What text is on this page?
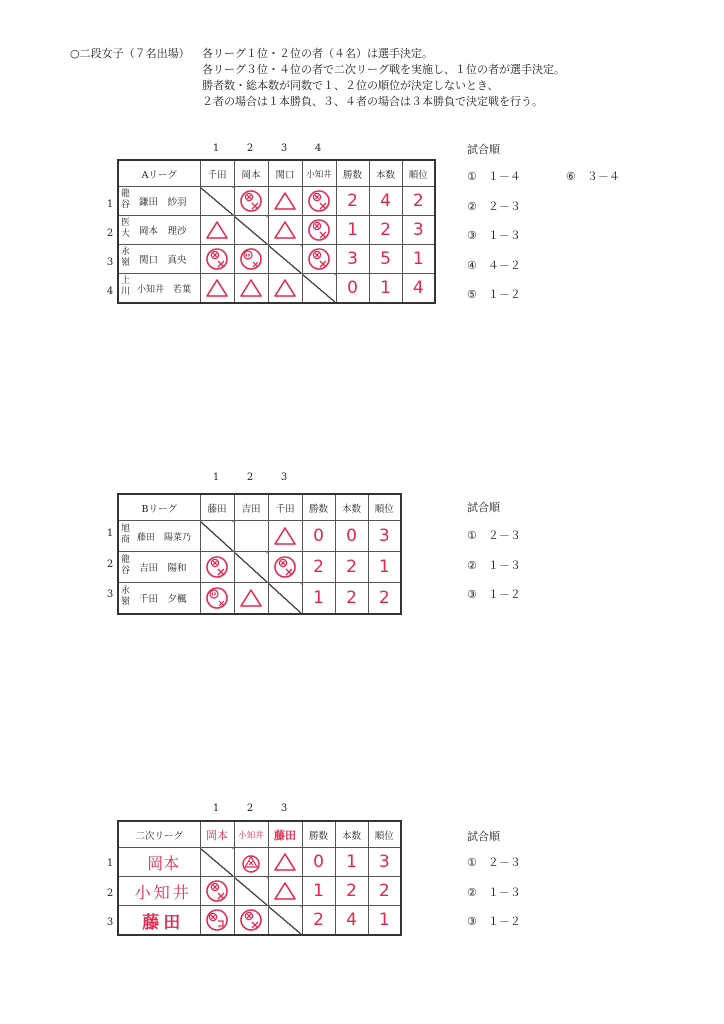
○二段女子（７名出場） 各リーグ１位・２位の者（４名）は選手決定。
各リーグ３位・４位の者で二次リーグ戦を実施し、１位の者が選手決定。
勝者数・総本数が同数で１、２位の順位が決定しないとき、
２者の場合は１本勝負、３、４者の場合は３本勝負で決定戦を行う。
1	2	3	4
1
2
3
4
Aリーグ	千田	岡本	関口	小知井	勝数	本数	順位

龍谷 鎌田　紗羽					2	4	2

医大 岡本　理沙					1	2	3

永嶺 関口　真央					3	5	1

上川 小知井　若葉					0	1	4
試合順
①　１－４
②　２－３
③　１－３
④　４－２
⑤　１－２
⑥　３－４
1	2	3
1
2
3
Bリーグ	藤田	吉田	千田	勝数	本数	順位

旭商 藤田　陽菜乃				0	0	3

龍谷 吉田　陽和				2	2	1

永嶺 千田　夕楓				1	2	2
試合順
①　２－３
②　１－３
③　１－２
1	2	3
1
2
3
二次リーグ	岡本	小知井	藤田	勝数	本数	順位
岡本				0	1	3
小知井				1	2	2
藤田				2	4	1
試合順
①　２－３
②　１－３
③　１－２
